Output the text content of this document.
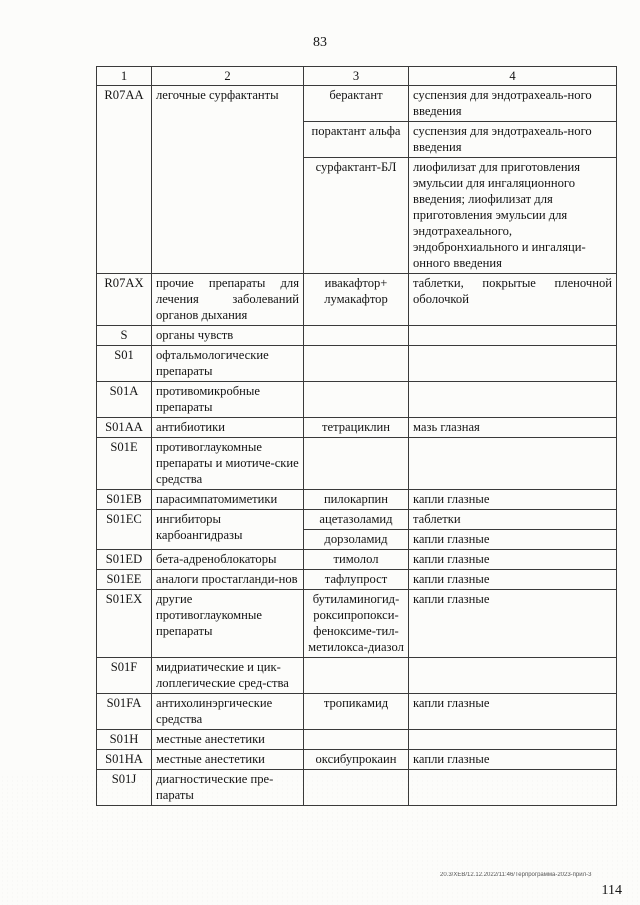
83
1	2	3	4
R07AA	легочные сурфактанты	берактант	суспензия для эндотрахеаль-ного введения
		порактант альфа	суспензия для эндотрахеаль-ного введения
		сурфактант-БЛ	лиофилизат для приготовления эмульсии для ингаляционного введения; лиофилизат для приготовления эмульсии для эндотрахеального, эндобронхиального и ингаляци-онного введения
R07AX	прочие препараты для лечения заболеваний органов дыхания	ивакафтор+ лумакафтор	таблетки, покрытые пленочной оболочкой
S	органы чувств		
S01	офтальмологические препараты		
S01A	противомикробные препараты		
S01AA	антибиотики	тетрациклин	мазь глазная
S01E	противоглаукомные препараты и миотиче-ские средства		
S01EB	парасимпатомиметики	пилокарпин	капли глазные
S01EC	ингибиторы карбоангидразы	ацетазоламид	таблетки
		дорзоламид	капли глазные
S01ED	бета-адреноблокаторы	тимолол	капли глазные
S01EE	аналоги простагланди-нов	тафлупрост	капли глазные
S01EX	другие противоглаукомные препараты	бутиламиногид-роксипропокси-феноксиме-тил-метилокса-диазол	капли глазные
S01F	мидриатические и цик-лоплегические сред-ства		
S01FA	антихолинэргические средства	тропикамид	капли глазные
S01H	местные анестетики		
S01HA	местные анестетики	оксибупрокаин	капли глазные
S01J	диагностические пре-параты		
20.3/ХЕВ/12.12.2022/11:46/Терпрограмма-2023-прил-3
114
